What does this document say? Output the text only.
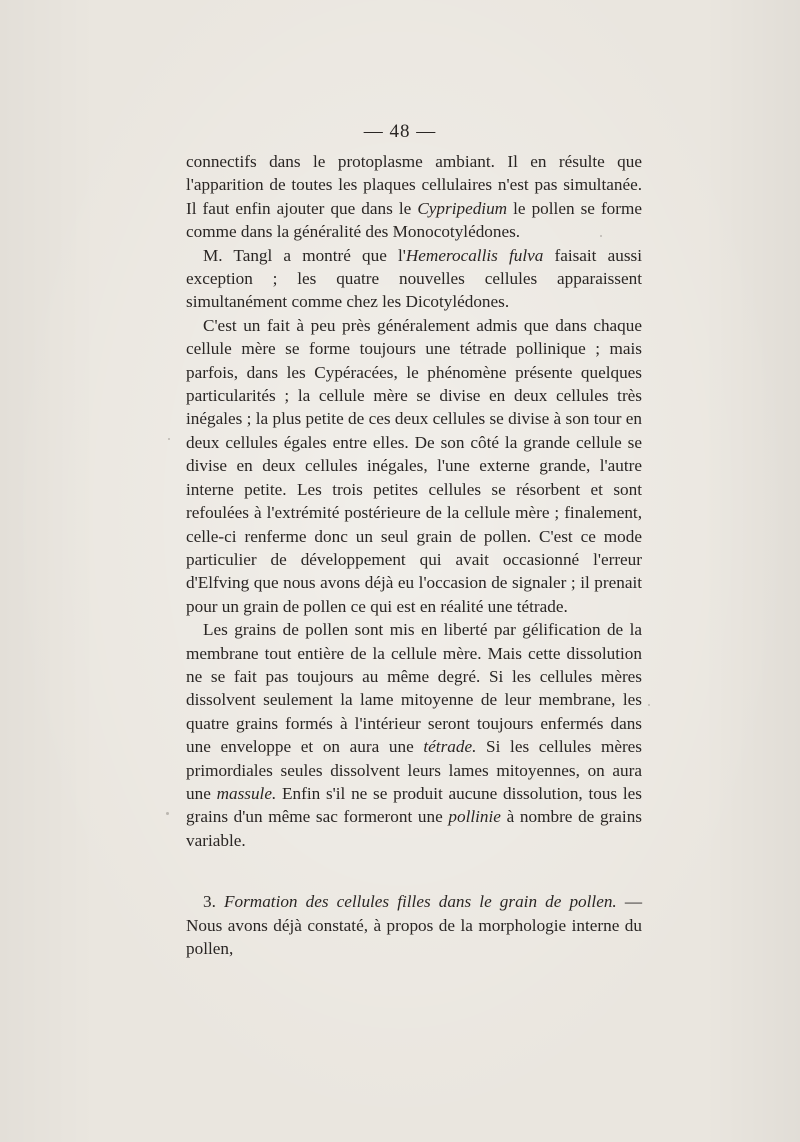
— 48 —

connectifs dans le protoplasme ambiant. Il en résulte que l'apparition de toutes les plaques cellulaires n'est pas simultanée. Il faut enfin ajouter que dans le Cypripedium le pollen se forme comme dans la généralité des Monocotylédones.

M. Tangl a montré que l'Hemerocallis fulva faisait aussi exception ; les quatre nouvelles cellules apparaissent simultanément comme chez les Dicotylédones.

C'est un fait à peu près généralement admis que dans chaque cellule mère se forme toujours une tétrade pollinique ; mais parfois, dans les Cypéracées, le phénomène présente quelques particularités ; la cellule mère se divise en deux cellules très inégales ; la plus petite de ces deux cellules se divise à son tour en deux cellules égales entre elles. De son côté la grande cellule se divise en deux cellules inégales, l'une externe grande, l'autre interne petite. Les trois petites cellules se résorbent et sont refoulées à l'extrémité postérieure de la cellule mère ; finalement, celle-ci renferme donc un seul grain de pollen. C'est ce mode particulier de développement qui avait occasionné l'erreur d'Elfving que nous avons déjà eu l'occasion de signaler ; il prenait pour un grain de pollen ce qui est en réalité une tétrade.

Les grains de pollen sont mis en liberté par gélification de la membrane tout entière de la cellule mère. Mais cette dissolution ne se fait pas toujours au même degré. Si les cellules mères dissolvent seulement la lame mitoyenne de leur membrane, les quatre grains formés à l'intérieur seront toujours enfermés dans une enveloppe et on aura une tétrade. Si les cellules mères primordiales seules dissolvent leurs lames mitoyennes, on aura une massule. Enfin s'il ne se produit aucune dissolution, tous les grains d'un même sac formeront une pollinie à nombre de grains variable.

3. Formation des cellules filles dans le grain de pollen. — Nous avons déjà constaté, à propos de la morphologie interne du pollen,
